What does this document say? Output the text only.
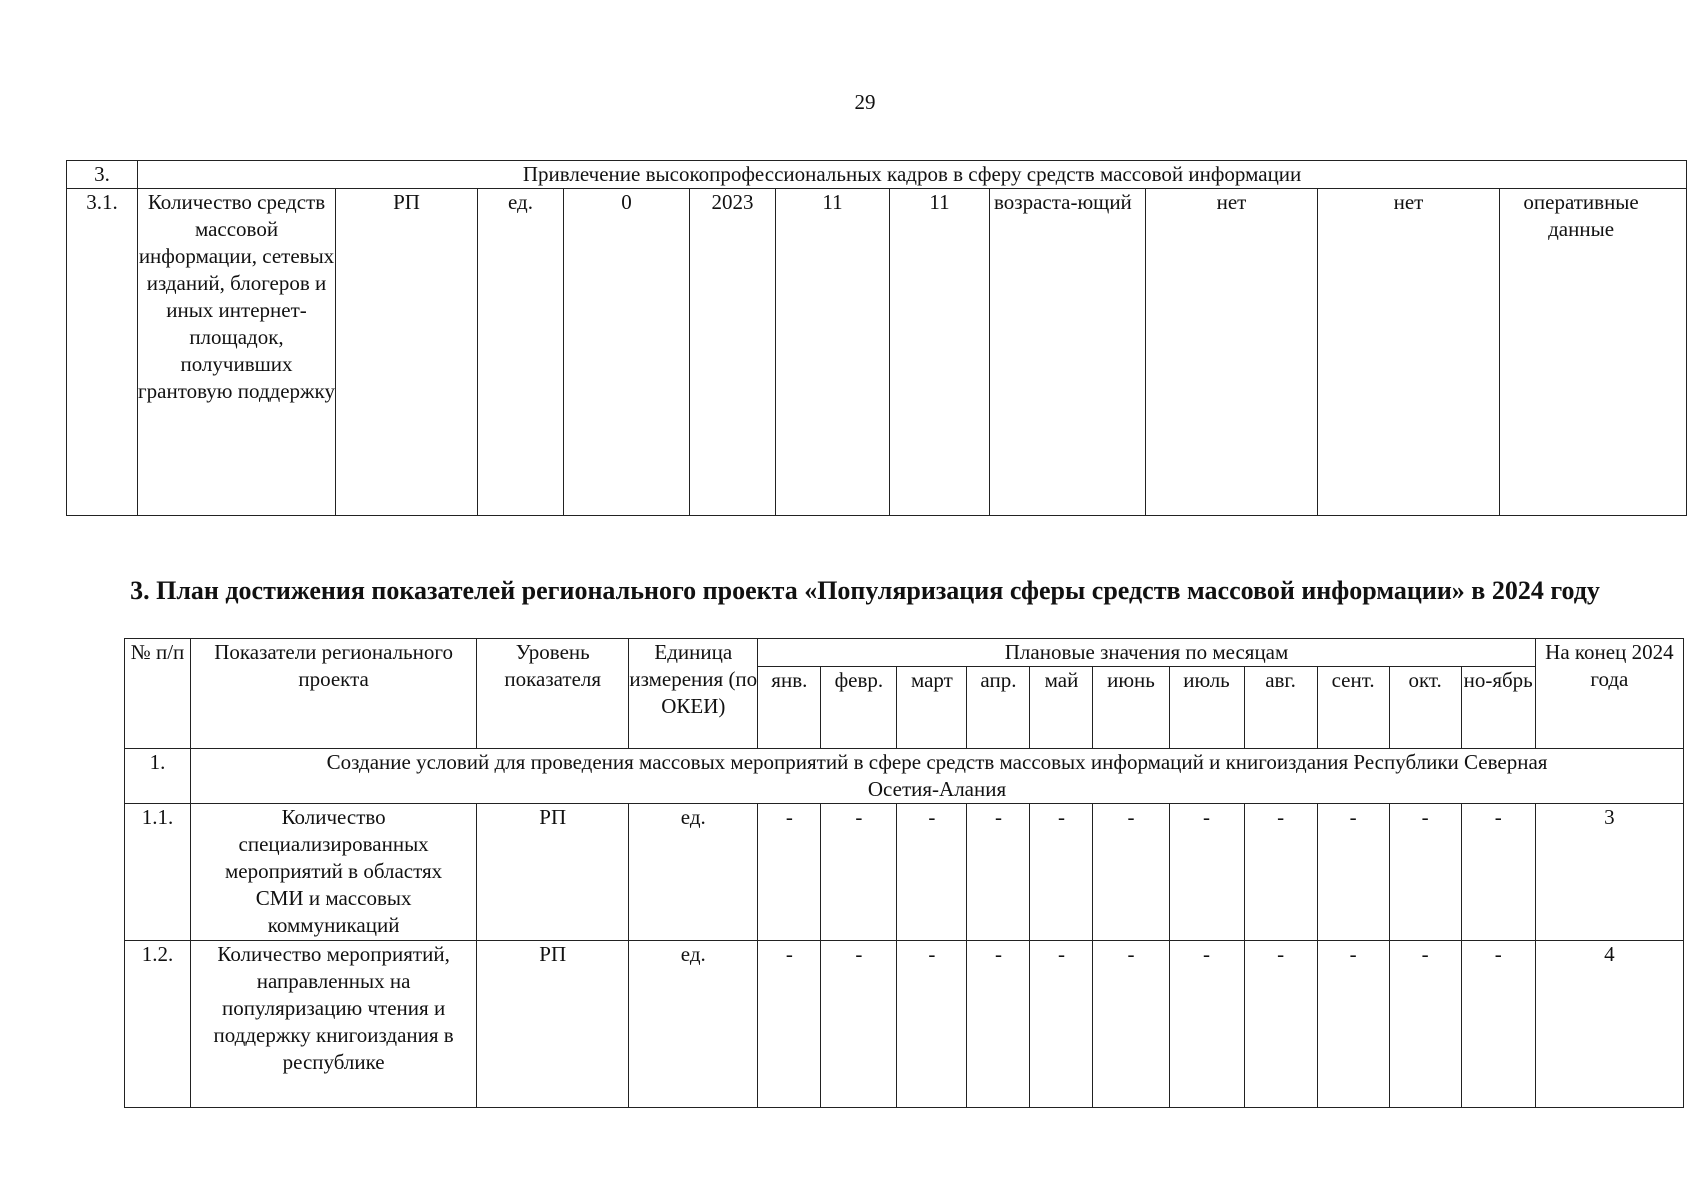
29
3.	Привлечение высокопрофессиональных кадров в сферу средств массовой информации										
3.1.	Количество средств массовой информации, сетевых изданий, блогеров и иных интернет-площадок, получивших грантовую поддержку	РП	ед.	0	2023	11	11	возраста-ющий	нет	нет	оперативные данные
3. План достижения показателей регионального проекта «Популяризация сферы средств массовой информации» в 2024 году
№ п/п	Показатели регионального проекта	Уровень показателя	Единица измерения (по ОКЕИ)	Плановые значения по месяцам											На конец 2024 года
				янв.	февр.	март	апр.	май	июнь	июль	авг.	сент.	окт.	но-ябрь	
1.	Создание условий для проведения массовых мероприятий в сфере средств массовых информаций и книгоиздания Республики Северная Осетия-Алания														
1.1.	Количество специализированных мероприятий в областях СМИ и массовых коммуникаций	РП	ед.	-	-	-	-	-	-	-	-	-	-	-	3
1.2.	Количество мероприятий, направленных на популяризацию чтения и поддержку книгоиздания в республике	РП	ед.	-	-	-	-	-	-	-	-	-	-	-	4
